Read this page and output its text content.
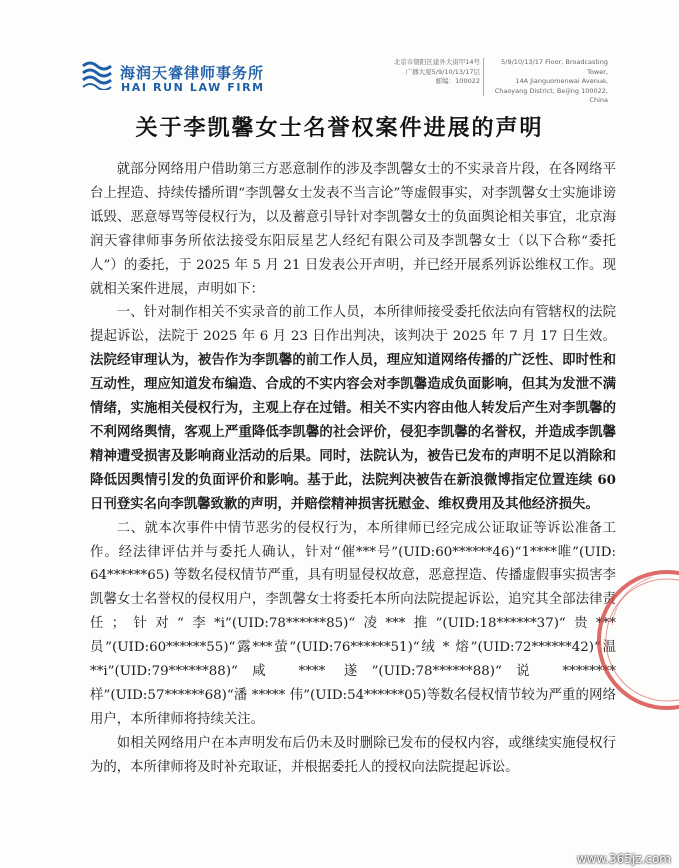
海润天睿律师事务所
HAI RUN LAW FIRM
北京市朝阳区建外大街甲14号
广播大厦5/9/10/13/17层
邮编：100022
5/9/10/13/17 Floor, Broadcasting Tower,
14A Jianguomenwai Avenue,
Chaoyang District, Beijing 100022, China
关于李凯馨女士名誉权案件进展的声明

就部分网络用户借助第三方恶意制作的涉及李凯馨女士的不实录音片段，在各网络平台上捏造、持续传播所谓“李凯馨女士发表不当言论”等虚假事实，对李凯馨女士实施诽谤诋毁、恶意辱骂等侵权行为，以及蓄意引导针对李凯馨女士的负面舆论相关事宜，北京海润天睿律师事务所依法接受东阳辰星艺人经纪有限公司及李凯馨女士（以下合称“委托人”）的委托，于 2025 年 5 月 21 日发表公开声明，并已经开展系列诉讼维权工作。现就相关案件进展，声明如下：

一、针对制作相关不实录音的前工作人员，本所律师接受委托依法向有管辖权的法院提起诉讼，法院于 2025 年 6 月 23 日作出判决，该判决于 2025 年 7 月 17 日生效。法院经审理认为，被告作为李凯馨的前工作人员，理应知道网络传播的广泛性、即时性和互动性，理应知道发布编造、合成的不实内容会对李凯馨造成负面影响，但其为发泄不满情绪，实施相关侵权行为，主观上存在过错。相关不实内容由他人转发后产生对李凯馨的不利网络舆情，客观上严重降低李凯馨的社会评价，侵犯李凯馨的名誉权，并造成李凯馨精神遭受损害及影响商业活动的后果。同时，法院认为，被告已发布的声明不足以消除和降低因舆情引发的负面评价和影响。基于此，法院判决被告在新浪微博指定位置连续 60 日刊登实名向李凯馨致歉的声明，并赔偿精神损害抚慰金、维权费用及其他经济损失。

二、就本次事件中情节恶劣的侵权行为，本所律师已经完成公证取证等诉讼准备工作。经法律评估并与委托人确认，针对“催***号”(UID:60******46)“1****唯”(UID: 64******65) 等数名侵权情节严重，具有明显侵权故意，恶意捏造、传播虚假事实损害李凯馨女士名誉权的侵权用户，李凯馨女士将委托本所向法院提起诉讼，追究其全部法律责任；针对“李*i”(UID:78******85)“凌***推”(UID:18******37)“贵***员”(UID:60******55)“露***萤”(UID:76******51)“绒 * 熔”(UID:72******42)“温 **i”(UID:79******88)“咸 **** 遂”(UID:78******88)“说 ******** 样”(UID:57******68)“潘 ***** 伟”(UID:54******05)等数名侵权情节较为严重的网络用户，本所律师将持续关注。

如相关网络用户在本声明发布后仍未及时删除已发布的侵权内容，或继续实施侵权行为的，本所律师将及时补充取证，并根据委托人的授权向法院提起诉讼。

www.365jz.com
